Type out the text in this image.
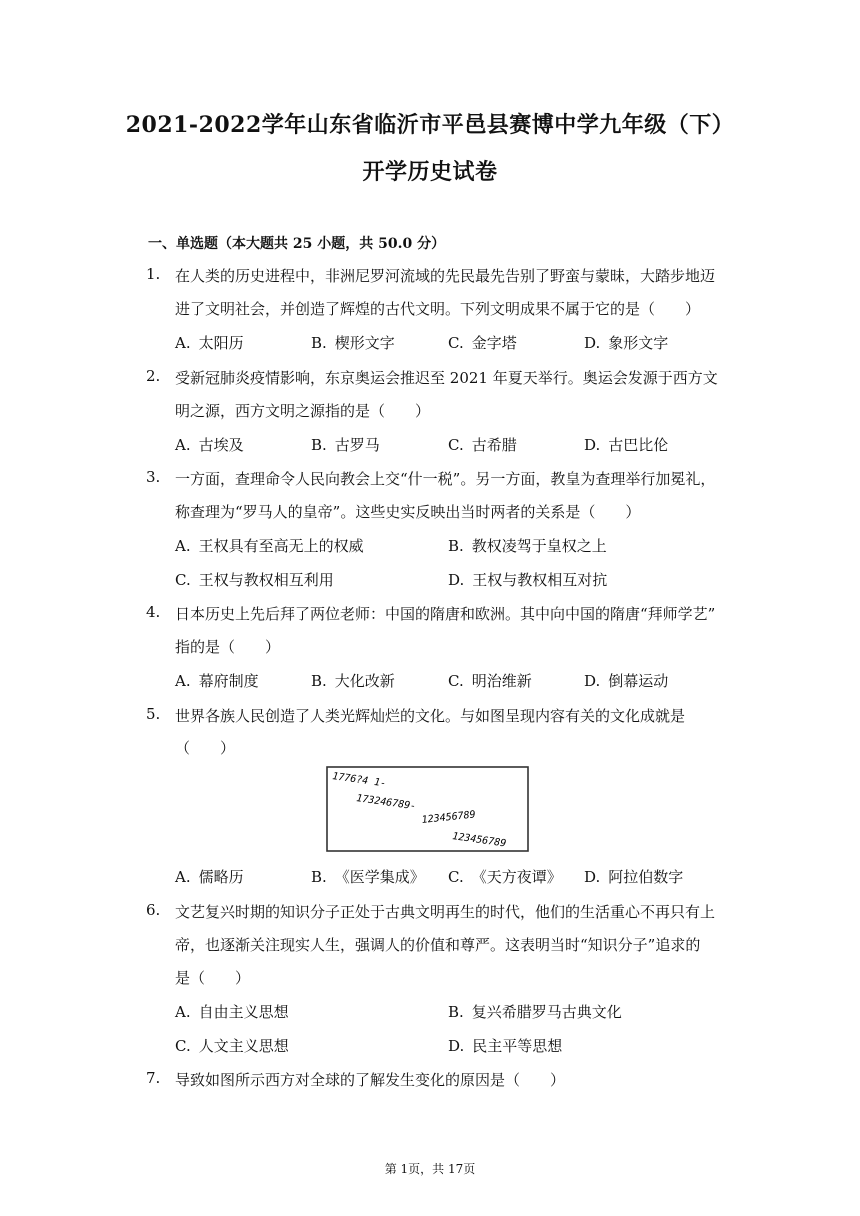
2021-2022学年山东省临沂市平邑县赛博中学九年级（下）
开学历史试卷
一、单选题（本大题共 25 小题，共 50.0 分）
1. 在人类的历史进程中，非洲尼罗河流域的先民最先告别了野蛮与蒙昧，大踏步地迈
进了文明社会，并创造了辉煌的古代文明。下列文明成果不属于它的是（　　）
A. 太阳历	B. 楔形文字	C. 金字塔	D. 象形文字
2. 受新冠肺炎疫情影响，东京奥运会推迟至 2021 年夏天举行。奥运会发源于西方文
明之源，西方文明之源指的是（　　）
A. 古埃及	B. 古罗马	C. 古希腊	D. 古巴比伦
3. 一方面，查理命令人民向教会上交“什一税”。另一方面，教皇为查理举行加冕礼，
称查理为“罗马人的皇帝”。这些史实反映出当时两者的关系是（　　）
A. 王权具有至高无上的权威	B. 教权凌驾于皇权之上
C. 王权与教权相互利用	D. 王权与教权相互对抗
4. 日本历史上先后拜了两位老师：中国的隋唐和欧洲。其中向中国的隋唐“拜师学艺”
指的是（　　）
A. 幕府制度	B. 大化改新	C. 明治维新	D. 倒幕运动
5. 世界各族人民创造了人类光辉灿烂的文化。与如图呈现内容有关的文化成就是
（　　）
1776?4 1-
173246789-
123456789
123456789
A. 儒略历	B. 《医学集成》 C. 《天方夜谭》 D. 阿拉伯数字
6. 文艺复兴时期的知识分子正处于古典文明再生的时代，他们的生活重心不再只有上
帝，也逐渐关注现实人生，强调人的价值和尊严。这表明当时“知识分子”追求的
是（　　）
A. 自由主义思想	B. 复兴希腊罗马古典文化
C. 人文主义思想	D. 民主平等思想
7. 导致如图所示西方对全球的了解发生变化的原因是（　　）
第 1页，共 17页
